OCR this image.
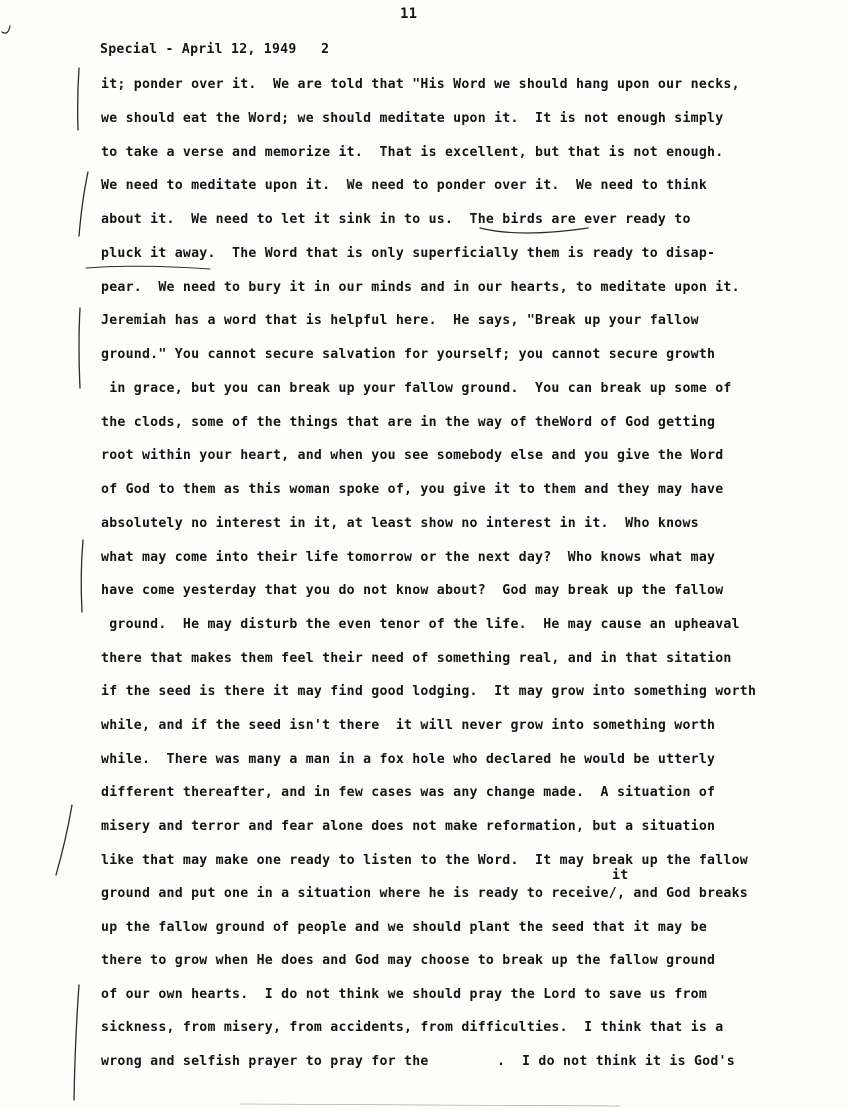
11
Special - April 12, 1949   2
it; ponder over it.  We are told that "His Word we should hang upon our necks,
we should eat the Word; we should meditate upon it.  It is not enough simply
to take a verse and memorize it.  That is excellent, but that is not enough.
We need to meditate upon it.  We need to ponder over it.  We need to think
about it.  We need to let it sink in to us.  The birds are ever ready to
pluck it away.  The Word that is only superficially them is ready to disap-
pear.  We need to bury it in our minds and in our hearts, to meditate upon it.
Jeremiah has a word that is helpful here.  He says, "Break up your fallow
ground." You cannot secure salvation for yourself; you cannot secure growth
in grace, but you can break up your fallow ground.  You can break up some of
the clods, some of the things that are in the way of theWord of God getting
root within your heart, and when you see somebody else and you give the Word
of God to them as this woman spoke of, you give it to them and they may have
absolutely no interest in it, at least show no interest in it.  Who knows
what may come into their life tomorrow or the next day?  Who knows what may
have come yesterday that you do not know about?  God may break up the fallow
ground.  He may disturb the even tenor of the life.  He may cause an upheaval
there that makes them feel their need of something real, and in that sitation
if the seed is there it may find good lodging.  It may grow into something worth
while, and if the seed isn't there  it will never grow into something worth
while.  There was many a man in a fox hole who declared he would be utterly
different thereafter, and in few cases was any change made.  A situation of
misery and terror and fear alone does not make reformation, but a situation
like that may make one ready to listen to the Word.  It may break up the fallow
it
ground and put one in a situation where he is ready to receive/, and God breaks
up the fallow ground of people and we should plant the seed that it may be
there to grow when He does and God may choose to break up the fallow ground
of our own hearts.  I do not think we should pray the Lord to save us from
sickness, from misery, from accidents, from difficulties.  I think that is a
wrong and selfish prayer to pray for the	. I do not think it is God's
